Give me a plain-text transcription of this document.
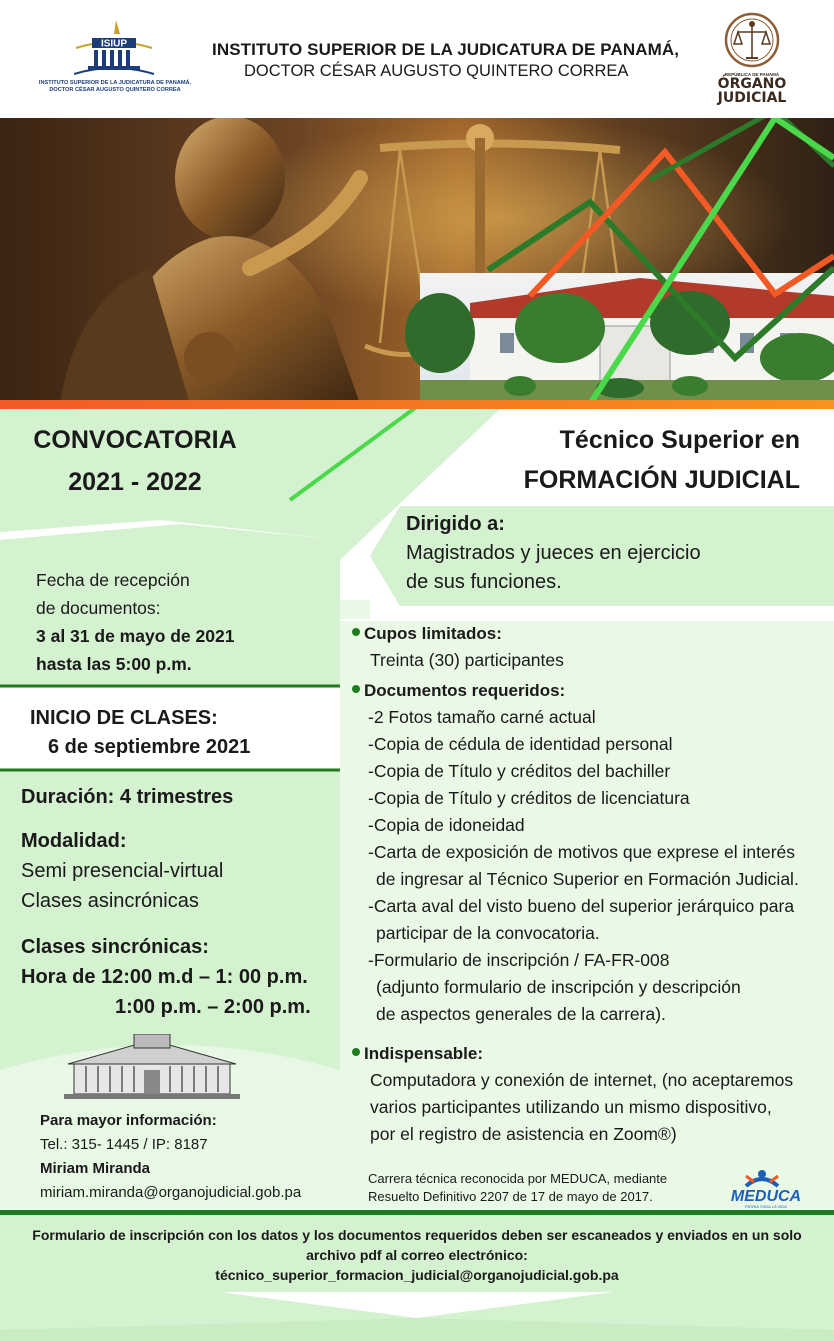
ISIUP
INSTITUTO SUPERIOR DE LA JUDICATURA DE PANAMÁ,
DOCTOR CÉSAR AUGUSTO QUINTERO CORREA
INSTITUTO SUPERIOR DE LA JUDICATURA DE PANAMÁ,
DOCTOR CÉSAR AUGUSTO QUINTERO CORREA	REPÚBLICA DE PANAMÁ
ÓRGANO
JUDICIAL
CONVOCATORIA
2021 - 2022
Fecha de recepción
de documentos:
3 al 31 de mayo de 2021
hasta las 5:00 p.m.
INICIO DE CLASES:
6 de septiembre 2021
Duración: 4 trimestres
Modalidad:
Semi presencial-virtual
Clases asincrónicas
Clases sincrónicas:
Hora de 12:00 m.d – 1: 00 p.m.
1:00 p.m. – 2:00 p.m.
Para mayor información:
Tel.: 315- 1445 / IP: 8187
Miriam Miranda
miriam.miranda@organojudicial.gob.pa
Técnico Superior en
FORMACIÓN JUDICIAL
Dirigido a:
Magistrados y jueces en ejercicio
de sus funciones.
Cupos limitados:
Treinta (30) participantes
Documentos requeridos:
-2 Fotos tamaño carné actual
-Copia de cédula de identidad personal
-Copia de Título y créditos del bachiller
-Copia de Título y créditos de licenciatura
-Copia de idoneidad
-Carta de exposición de motivos que exprese el interés
de ingresar al Técnico Superior en Formación Judicial.
-Carta aval del visto bueno del superior jerárquico para
participar de la convocatoria.
-Formulario de inscripción / FA-FR-008
(adjunto formulario de inscripción y descripción
de aspectos generales de la carrera).
Indispensable:
Computadora y conexión de internet, (no aceptaremos
varios participantes utilizando un mismo dispositivo,
por el registro de asistencia en Zoom®)
Carrera técnica reconocida por MEDUCA, mediante
Resuelto Definitivo 2207 de 17 de mayo de 2017.	MEDUCA
PATRIA TODA LA VIDA
Formulario de inscripción con los datos y los documentos requeridos deben ser escaneados y enviados en un solo
archivo pdf al correo electrónico:
técnico_superior_formacion_judicial@organojudicial.gob.pa
